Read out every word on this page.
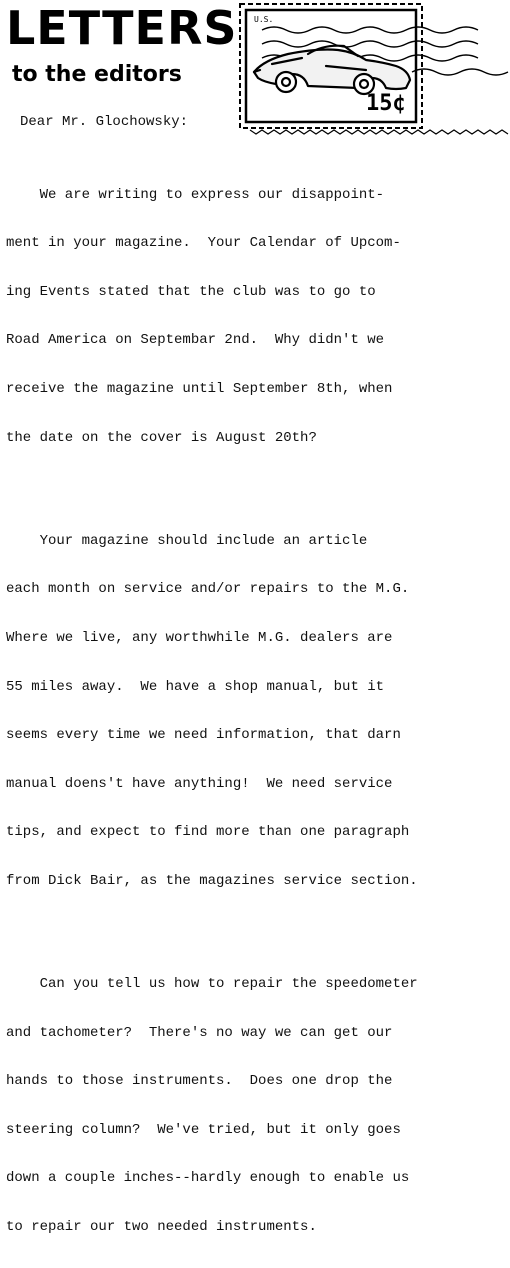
LETTERS
to the editors
U.S.
15¢
Dear Mr. Glochowsky:

We are writing to express our disappoint-

ment in your magazine.  Your Calendar of Upcom-

ing Events stated that the club was to go to

Road America on Septembar 2nd.  Why didn't we

receive the magazine until September 8th, when

the date on the cover is August 20th?

Your magazine should include an article

each month on service and/or repairs to the M.G.

Where we live, any worthwhile M.G. dealers are

55 miles away.  We have a shop manual, but it

seems every time we need information, that darn

manual doens't have anything!  We need service

tips, and expect to find more than one paragraph

from Dick Bair, as the magazines service section.

Can you tell us how to repair the speedometer

and tachometer?  There's no way we can get our

hands to those instruments.  Does one drop the

steering column?  We've tried, but it only goes

down a couple inches--hardly enough to enable us

to repair our two needed instruments.
